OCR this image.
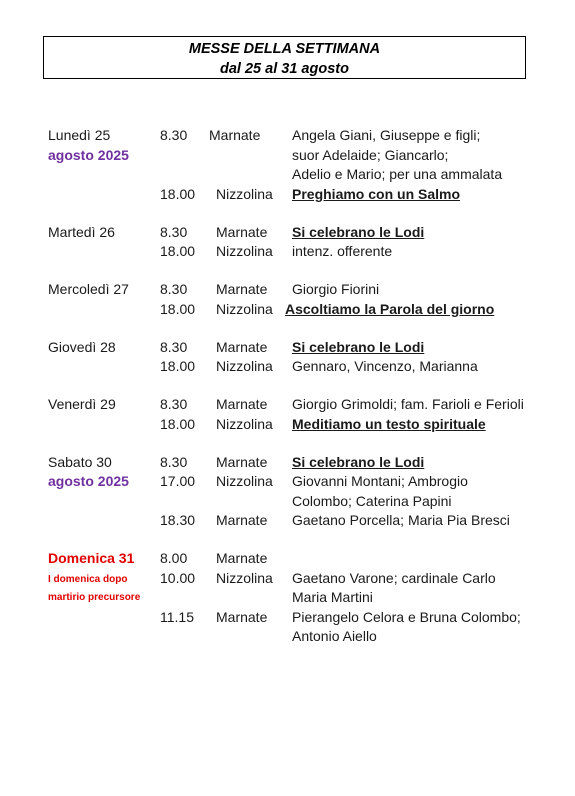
MESSE DELLA SETTIMANA
dal 25 al 31 agosto
Lunedì 25	8.30 Marnate Angela Giani, Giuseppe e figli;
agosto 2025	suor Adelaide; Giancarlo;
Adelio e Mario; per una ammalata
18.00 Nizzolina Preghiamo con un Salmo
Martedì 26	8.30 Marnate Si celebrano le Lodi
18.00 Nizzolina intenz. offerente
Mercoledì 27 8.30 Marnate Giorgio Fiorini
18.00 Nizzolina Ascoltiamo la Parola del giorno
Giovedì 28	8.30 Marnate Si celebrano le Lodi
18.00 Nizzolina Gennaro, Vincenzo, Marianna
Venerdì 29	8.30 Marnate Giorgio Grimoldi; fam. Farioli e Ferioli
18.00 Nizzolina Meditiamo un testo spirituale
Sabato 30	8.30 Marnate Si celebrano le Lodi
agosto 2025 17.00 Nizzolina Giovanni Montani; Ambrogio
Colombo; Caterina Papini
18.30 Marnate Gaetano Porcella; Maria Pia Bresci
Domenica 31 8.00 Marnate
I domenica dopo 10.00 Nizzolina Gaetano Varone; cardinale Carlo
martirio precursore	Maria Martini
11.15 Marnate Pierangelo Celora e Bruna Colombo;
Antonio Aiello
